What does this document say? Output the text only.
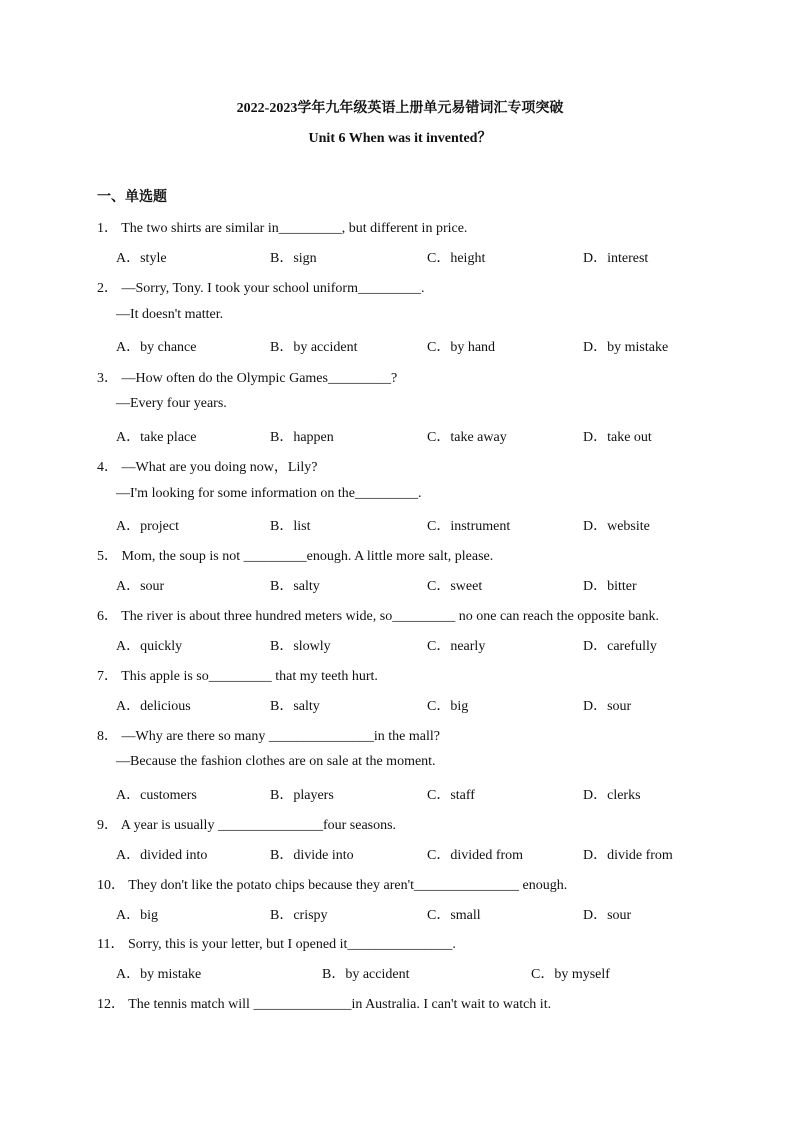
2022-2023学年九年级英语上册单元易错词汇专项突破
Unit 6 When was it invented？
一、单选题
1． The two shirts are similar in_________, but different in price.
A．style	B．sign	C．height	D．interest
2． —Sorry, Tony. I took your school uniform_________.
—It doesn't matter.
A．by chance	B．by accident	C．by hand	D．by mistake
3． —How often do the Olympic Games_________?
—Every four years.
A．take place	B．happen	C．take away	D．take out
4． —What are you doing now，Lily?
—I'm looking for some information on the_________.
A．project	B．list	C．instrument	D．website
5． Mom, the soup is not _________enough. A little more salt, please.
A．sour	B．salty	C．sweet	D．bitter
6． The river is about three hundred meters wide, so_________ no one can reach the opposite bank.
A．quickly	B．slowly	C．nearly	D．carefully
7． This apple is so_________ that my teeth hurt.
A．delicious	B．salty	C．big	D．sour
8． —Why are there so many _______________in the mall?
—Because the fashion clothes are on sale at the moment.
A．customers	B．players	C．staff	D．clerks
9． A year is usually _______________four seasons.
A．divided into	B．divide into	C．divided from	D．divide from
10． They don't like the potato chips because they aren't_______________ enough.
A．big	B．crispy	C．small	D．sour
11． Sorry, this is your letter, but I opened it_______________.
A．by mistake	B．by accident	C．by myself
12． The tennis match will ______________in Australia. I can't wait to watch it.
